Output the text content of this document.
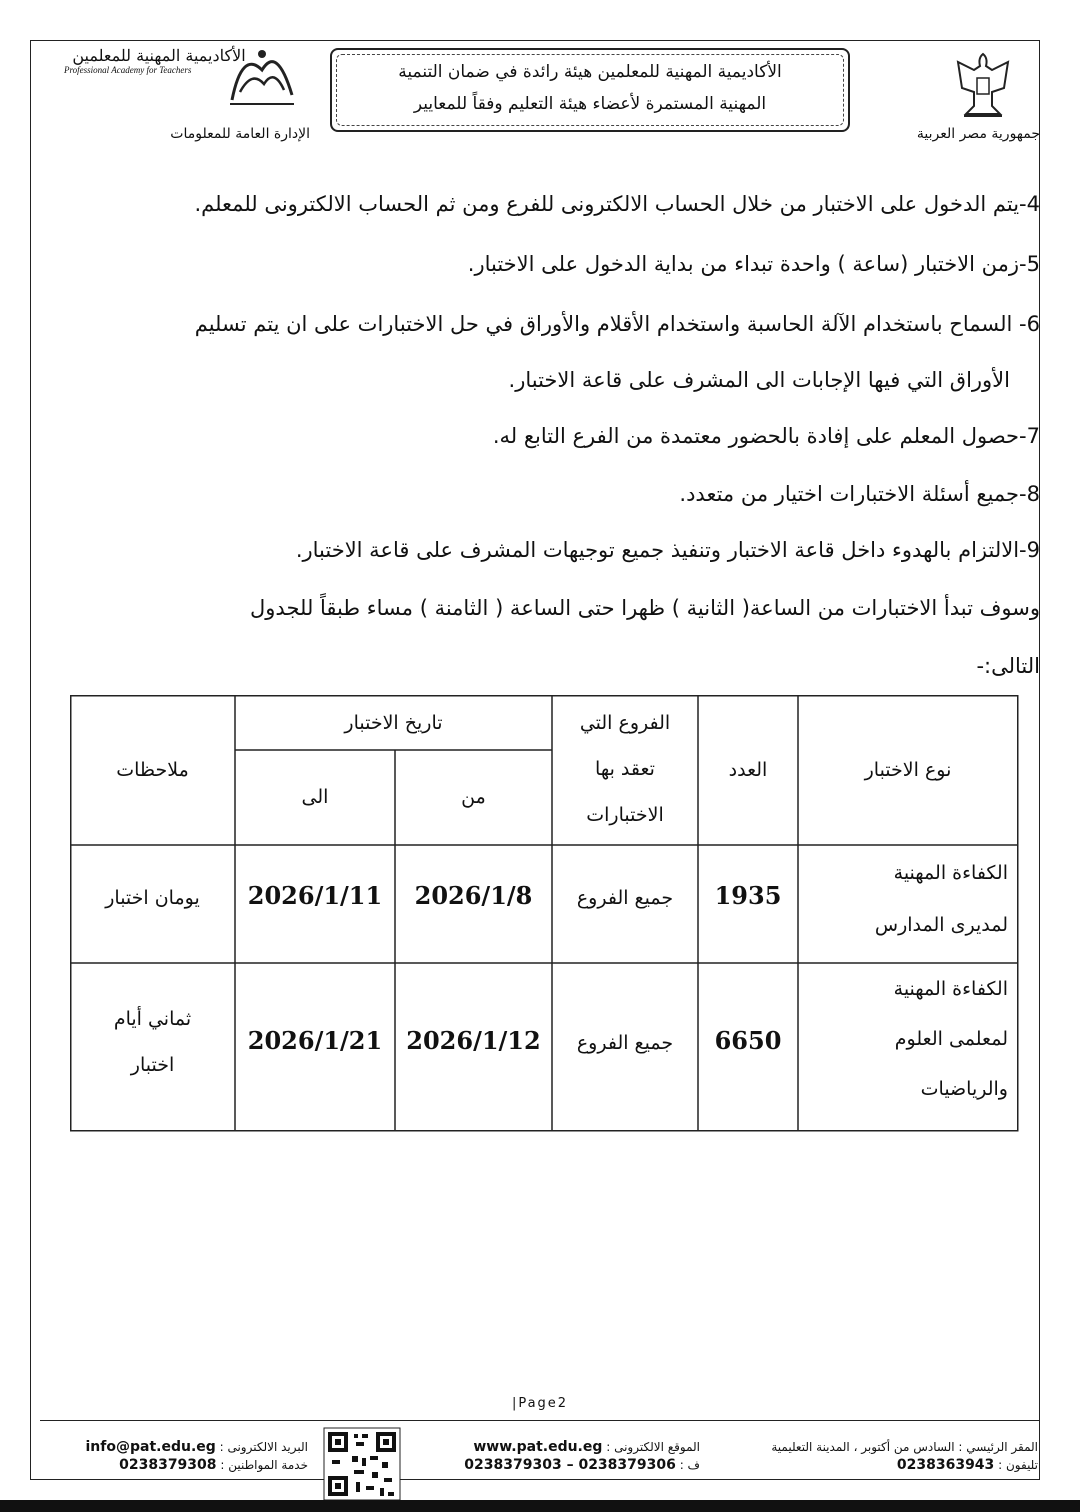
الأكاديمية المهنية للمعلمين
Professional Academy for Teachers
الإدارة العامة للمعلومات
الأكاديمية المهنية للمعلمين هيئة رائدة في ضمان التنمية
المهنية المستمرة لأعضاء هيئة التعليم وفقاً للمعايير
جمهورية مصر العربية
4-يتم الدخول على الاختبار من خلال الحساب الالكترونى للفرع ومن ثم الحساب الالكترونى للمعلم.
5-زمن الاختبار (ساعة ) واحدة تبداء من بداية الدخول على الاختبار.
6- السماح باستخدام الآلة الحاسبة واستخدام الأقلام والأوراق في حل الاختبارات على ان يتم تسليم
الأوراق التي فيها الإجابات الى المشرف على قاعة الاختبار.
7-حصول المعلم على إفادة بالحضور معتمدة من الفرع التابع له.
8-جميع أسئلة الاختبارات اختيار من متعدد.
9-الالتزام بالهدوء داخل قاعة الاختبار وتنفيذ جميع توجيهات المشرف على قاعة الاختبار.
وسوف تبدأ الاختبارات من الساعة( الثانية ) ظهرا حتى الساعة ( الثامنة ) مساء طبقاً للجدول
التالى:-
نوع الاختبار
العدد
الفروع التي
تعقد بها
الاختبارات
تاريخ الاختبار
من
الى
ملاحظات
الكفاءة المهنية
لمديرى المدارس
1935
جميع الفروع
2026/1/8
2026/1/11
يومان اختبار
الكفاءة المهنية
لمعلمى العلوم
والرياضيات
6650
جميع الفروع
2026/1/12
2026/1/21
ثماني أيام
اختبار
|Page2
المقر الرئيسي : السادس من أكتوبر ، المدينة التعليمية
تليفون : 0238363943
الموقع الالكترونى : www.pat.edu.eg
ف : 0238379306 – 0238379303
البريد الالكترونى : info@pat.edu.eg
خدمة المواطنين : 0238379308
